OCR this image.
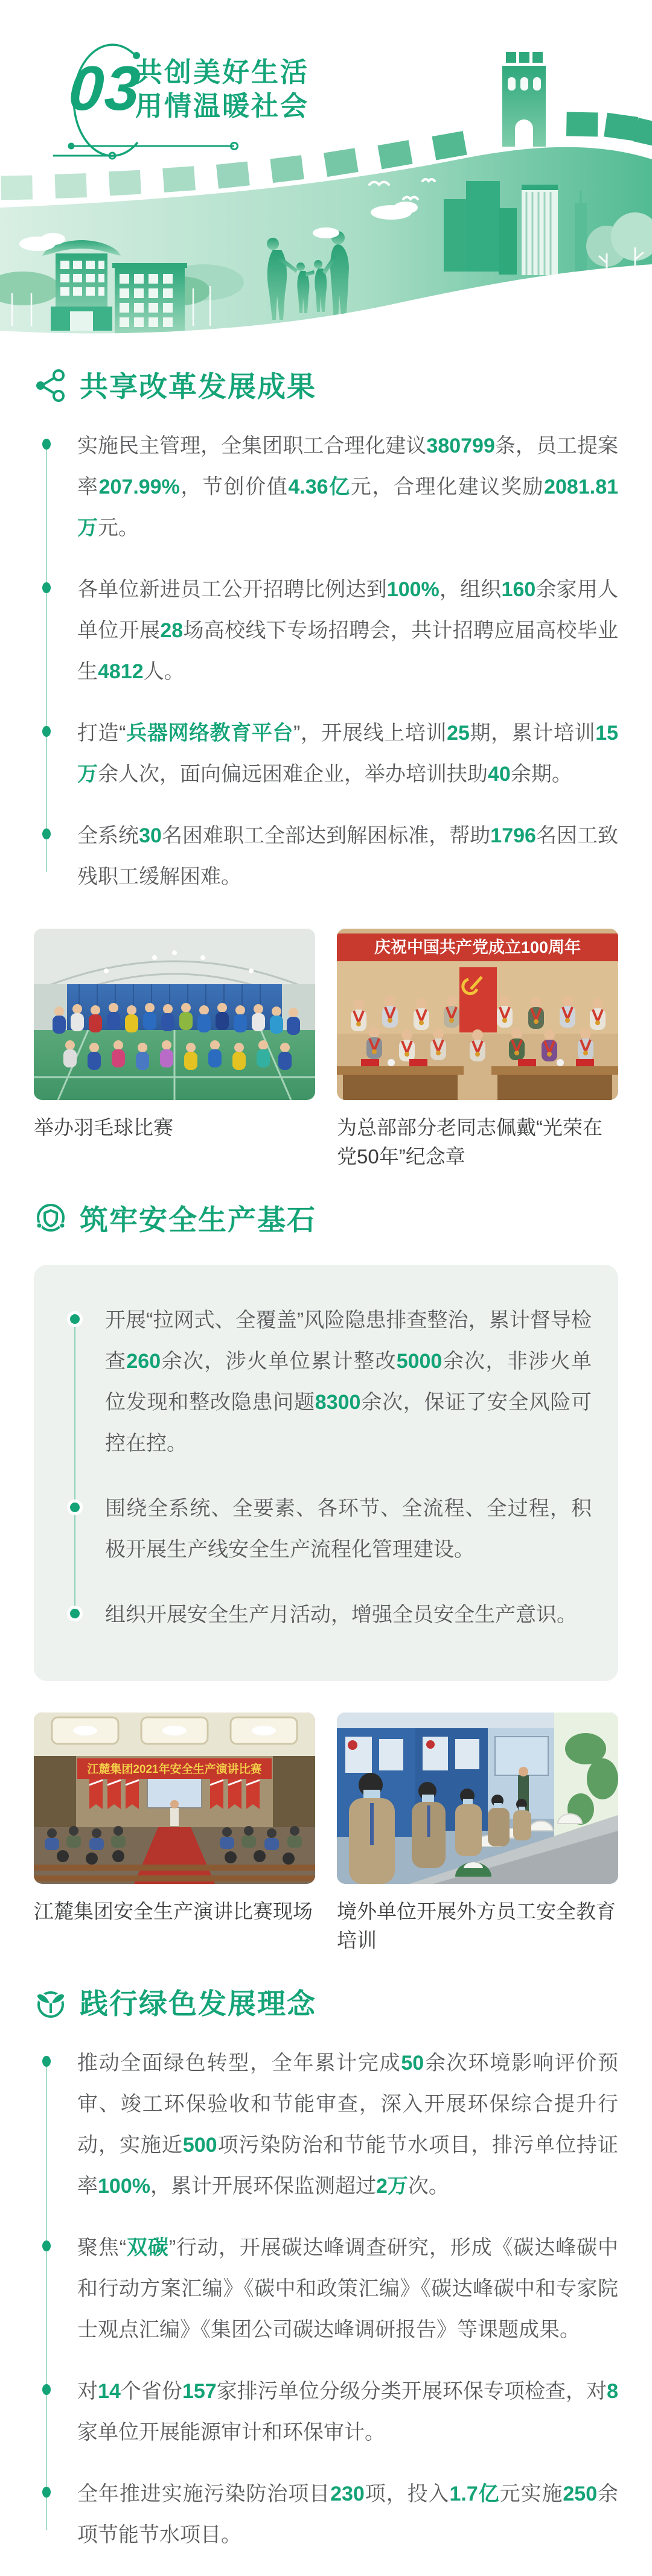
03
共创美好生活
用情温暖社会
共享改革发展成果
实施民主管理，全集团职工合理化建议380799条，员工提案率207.99%，节创价值4.36亿元，合理化建议奖励2081.81万元。
各单位新进员工公开招聘比例达到100%，组织160余家用人单位开展28场高校线下专场招聘会，共计招聘应届高校毕业生4812人。
打造“兵器网络教育平台”，开展线上培训25期，累计培训15万余人次，面向偏远困难企业，举办培训扶助40余期。
全系统30名困难职工全部达到解困标准，帮助1796名因工致残职工缓解困难。
举办羽毛球比赛
庆祝中国共产党成立100周年
为总部部分老同志佩戴“光荣在党50年”纪念章
筑牢安全生产基石
开展“拉网式、全覆盖”风险隐患排查整治，累计督导检查260余次，涉火单位累计整改5000余次，非涉火单位发现和整改隐患问题8300余次，保证了安全风险可控在控。
围绕全系统、全要素、各环节、全流程、全过程，积极开展生产线安全生产流程化管理建设。
组织开展安全生产月活动，增强全员安全生产意识。
江麓集团2021年安全生产演讲比赛
江麓集团安全生产演讲比赛现场 境外单位开展外方员工安全教育培训
践行绿色发展理念
推动全面绿色转型，全年累计完成50余次环境影响评价预审、竣工环保验收和节能审查，深入开展环保综合提升行动，实施近500项污染防治和节能节水项目，排污单位持证率100%，累计开展环保监测超过2万次。
聚焦“双碳”行动，开展碳达峰调查研究，形成《碳达峰碳中和行动方案汇编》《碳中和政策汇编》《碳达峰碳中和专家院士观点汇编》《集团公司碳达峰调研报告》等课题成果。
对14个省份157家排污单位分级分类开展环保专项检查，对8家单位开展能源审计和环保审计。
全年推进实施污染防治项目230项，投入1.7亿元实施250余项节能节水项目。
